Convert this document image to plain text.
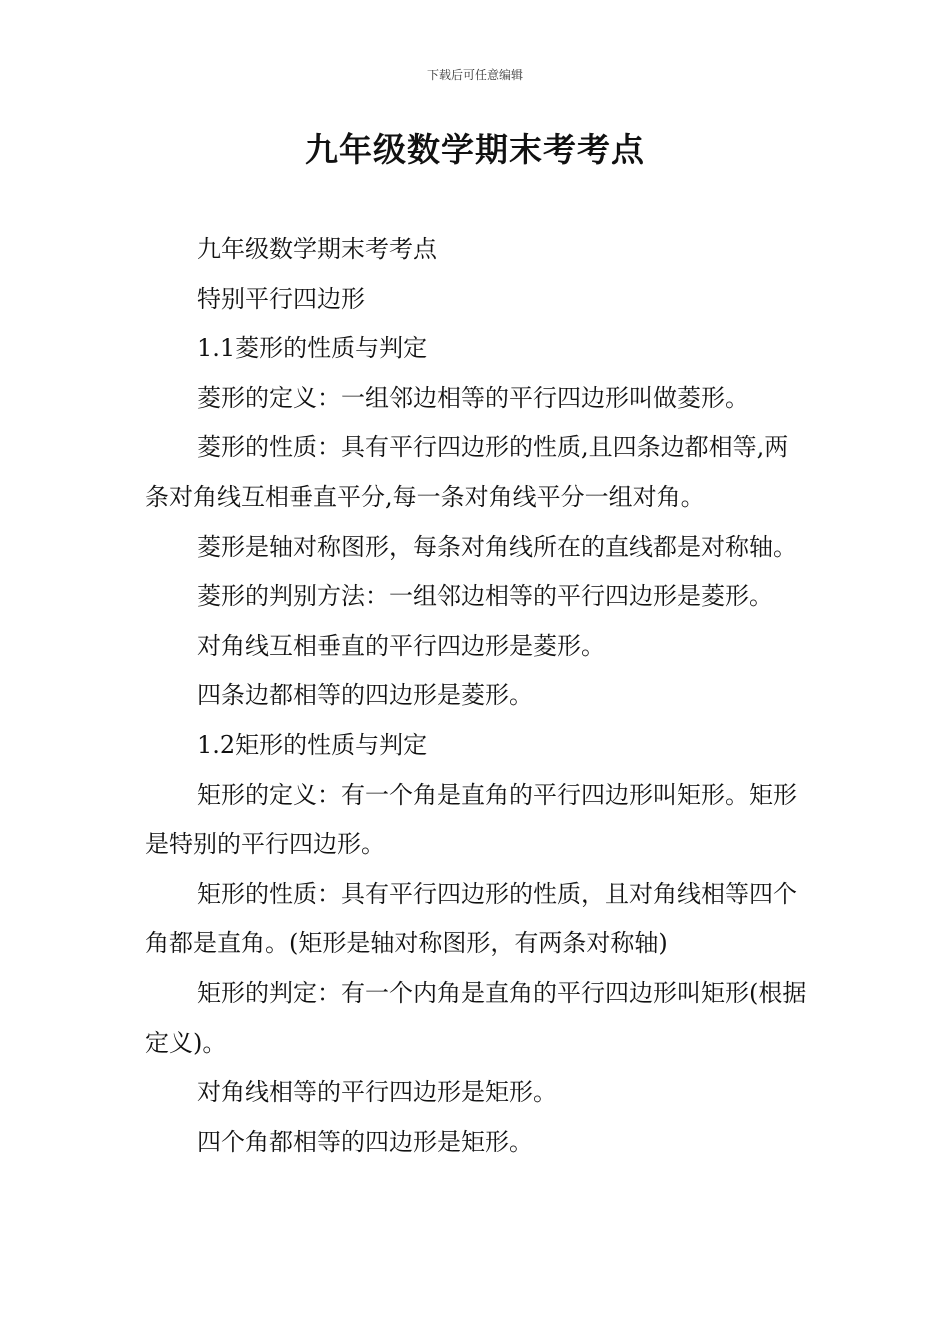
下载后可任意编辑
九年级数学期末考考点

九年级数学期末考考点

特别平行四边形

1.1菱形的性质与判定

菱形的定义：一组邻边相等的平行四边形叫做菱形。

菱形的性质：具有平行四边形的性质,且四条边都相等,两条对角线互相垂直平分,每一条对角线平分一组对角。

菱形是轴对称图形，每条对角线所在的直线都是对称轴。

菱形的判别方法：一组邻边相等的平行四边形是菱形。

对角线互相垂直的平行四边形是菱形。

四条边都相等的四边形是菱形。

1.2矩形的性质与判定

矩形的定义：有一个角是直角的平行四边形叫矩形。矩形是特别的平行四边形。

矩形的性质：具有平行四边形的性质，且对角线相等四个角都是直角。(矩形是轴对称图形，有两条对称轴)

矩形的判定：有一个内角是直角的平行四边形叫矩形(根据定义)。

对角线相等的平行四边形是矩形。

四个角都相等的四边形是矩形。
